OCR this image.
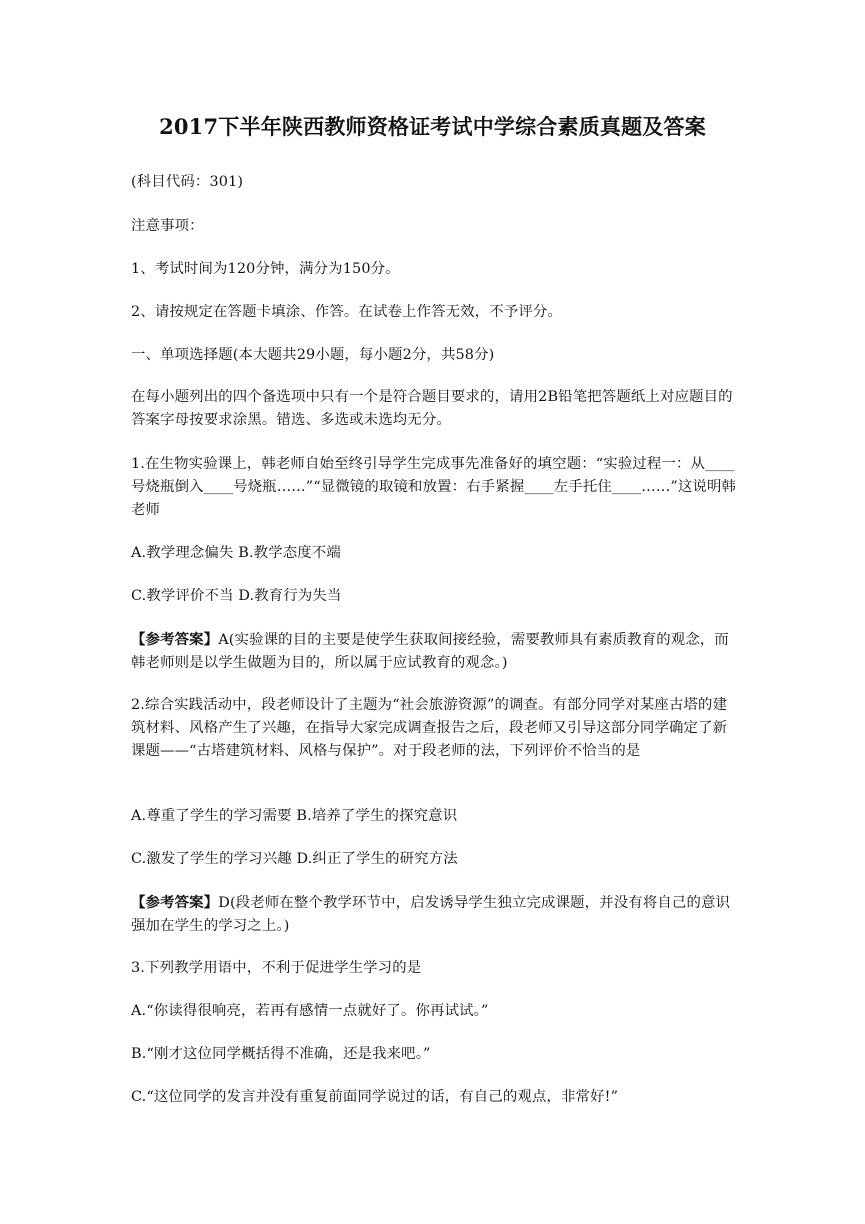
2017下半年陕西教师资格证考试中学综合素质真题及答案
(科目代码：301)
注意事项：
1、考试时间为120分钟，满分为150分。
2、请按规定在答题卡填涂、作答。在试卷上作答无效，不予评分。
一、单项选择题(本大题共29小题，每小题2分，共58分)
在每小题列出的四个备选项中只有一个是符合题目要求的，请用2B铅笔把答题纸上对应题目的答案字母按要求涂黑。错选、多选或未选均无分。
1.在生物实验课上，韩老师自始至终引导学生完成事先准备好的填空题：“实验过程一：从____ 号烧瓶倒入____号烧瓶……”“显微镜的取镜和放置：右手紧握____左手托住____……”这说明韩老师
A.教学理念偏失 B.教学态度不端
C.教学评价不当 D.教育行为失当
【参考答案】A(实验课的目的主要是使学生获取间接经验，需要教师具有素质教育的观念，而韩老师则是以学生做题为目的，所以属于应试教育的观念。)
2.综合实践活动中，段老师设计了主题为“社会旅游资源”的调查。有部分同学对某座古塔的建筑材料、风格产生了兴趣，在指导大家完成调查报告之后，段老师又引导这部分同学确定了新课题——“古塔建筑材料、风格与保护”。对于段老师的法，下列评价不恰当的是
A.尊重了学生的学习需要 B.培养了学生的探究意识
C.激发了学生的学习兴趣 D.纠正了学生的研究方法
【参考答案】D(段老师在整个教学环节中，启发诱导学生独立完成课题，并没有将自己的意识强加在学生的学习之上。)
3.下列教学用语中，不利于促进学生学习的是
A.“你读得很响亮，若再有感情一点就好了。你再试试。”
B.“刚才这位同学概括得不准确，还是我来吧。”
C.“这位同学的发言并没有重复前面同学说过的话，有自己的观点，非常好!”
